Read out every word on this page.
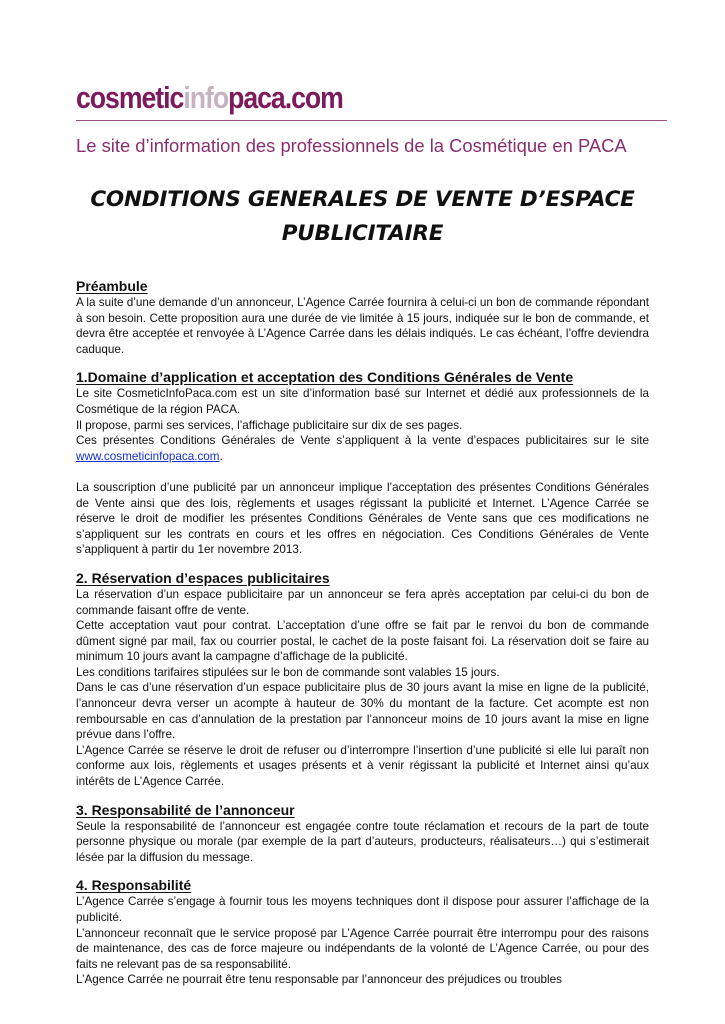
cosmeticinfopaca.com
Le site d’information des professionnels de la Cosmétique en PACA
CONDITIONS GENERALES DE VENTE D’ESPACE
PUBLICITAIRE
Préambule

A la suite d’une demande d’un annonceur, L’Agence Carrée fournira à celui-ci un bon de commande répondant à son besoin. Cette proposition aura une durée de vie limitée à 15 jours, indiquée sur le bon de commande, et devra être acceptée et renvoyée à L’Agence Carrée dans les délais indiqués. Le cas échéant, l’offre deviendra caduque.

1.Domaine d’application et acceptation des Conditions Générales de Vente

Le site CosmeticInfoPaca.com est un site d’information basé sur Internet et dédié aux professionnels de la Cosmétique de la région PACA.

Il propose, parmi ses services, l’affichage publicitaire sur dix de ses pages.

Ces présentes Conditions Générales de Vente s’appliquent à la vente d’espaces publicitaires sur le site www.cosmeticinfopaca.com.

La souscription d’une publicité par un annonceur implique l’acceptation des présentes Conditions Générales de Vente ainsi que des lois, règlements et usages régissant la publicité et Internet. L’Agence Carrée se réserve le droit de modifier les présentes Conditions Générales de Vente sans que ces modifications ne s’appliquent sur les contrats en cours et les offres en négociation. Ces Conditions Générales de Vente s’appliquent à partir du 1er novembre 2013.

2. Réservation d’espaces publicitaires

La réservation d’un espace publicitaire par un annonceur se fera après acceptation par celui-ci du bon de commande faisant offre de vente.

Cette acceptation vaut pour contrat. L’acceptation d’une offre se fait par le renvoi du bon de commande dûment signé par mail, fax ou courrier postal, le cachet de la poste faisant foi. La réservation doit se faire au minimum 10 jours avant la campagne d’affichage de la publicité.

Les conditions tarifaires stipulées sur le bon de commande sont valables 15 jours.

Dans le cas d’une réservation d’un espace publicitaire plus de 30 jours avant la mise en ligne de la publicité, l’annonceur devra verser un acompte à hauteur de 30% du montant de la facture. Cet acompte est non remboursable en cas d’annulation de la prestation par l’annonceur moins de 10 jours avant la mise en ligne prévue dans l’offre.

L’Agence Carrée se réserve le droit de refuser ou d’interrompre l’insertion d’une publicité si elle lui paraît non conforme aux lois, règlements et usages présents et à venir régissant la publicité et Internet ainsi qu’aux intérêts de L’Agence Carrée.

3. Responsabilité de l’annonceur

Seule la responsabilité de l’annonceur est engagée contre toute réclamation et recours de la part de toute personne physique ou morale (par exemple de la part d’auteurs, producteurs, réalisateurs…) qui s’estimerait lésée par la diffusion du message.

4. Responsabilité

L’Agence Carrée s’engage à fournir tous les moyens techniques dont il dispose pour assurer l’affichage de la publicité.

L’annonceur reconnaît que le service proposé par L’Agence Carrée pourrait être interrompu pour des raisons de maintenance, des cas de force majeure ou indépendants de la volonté de L’Agence Carrée, ou pour des faits ne relevant pas de sa responsabilité.

L’Agence Carrée ne pourrait être tenu responsable par l’annonceur des préjudices ou troubles
